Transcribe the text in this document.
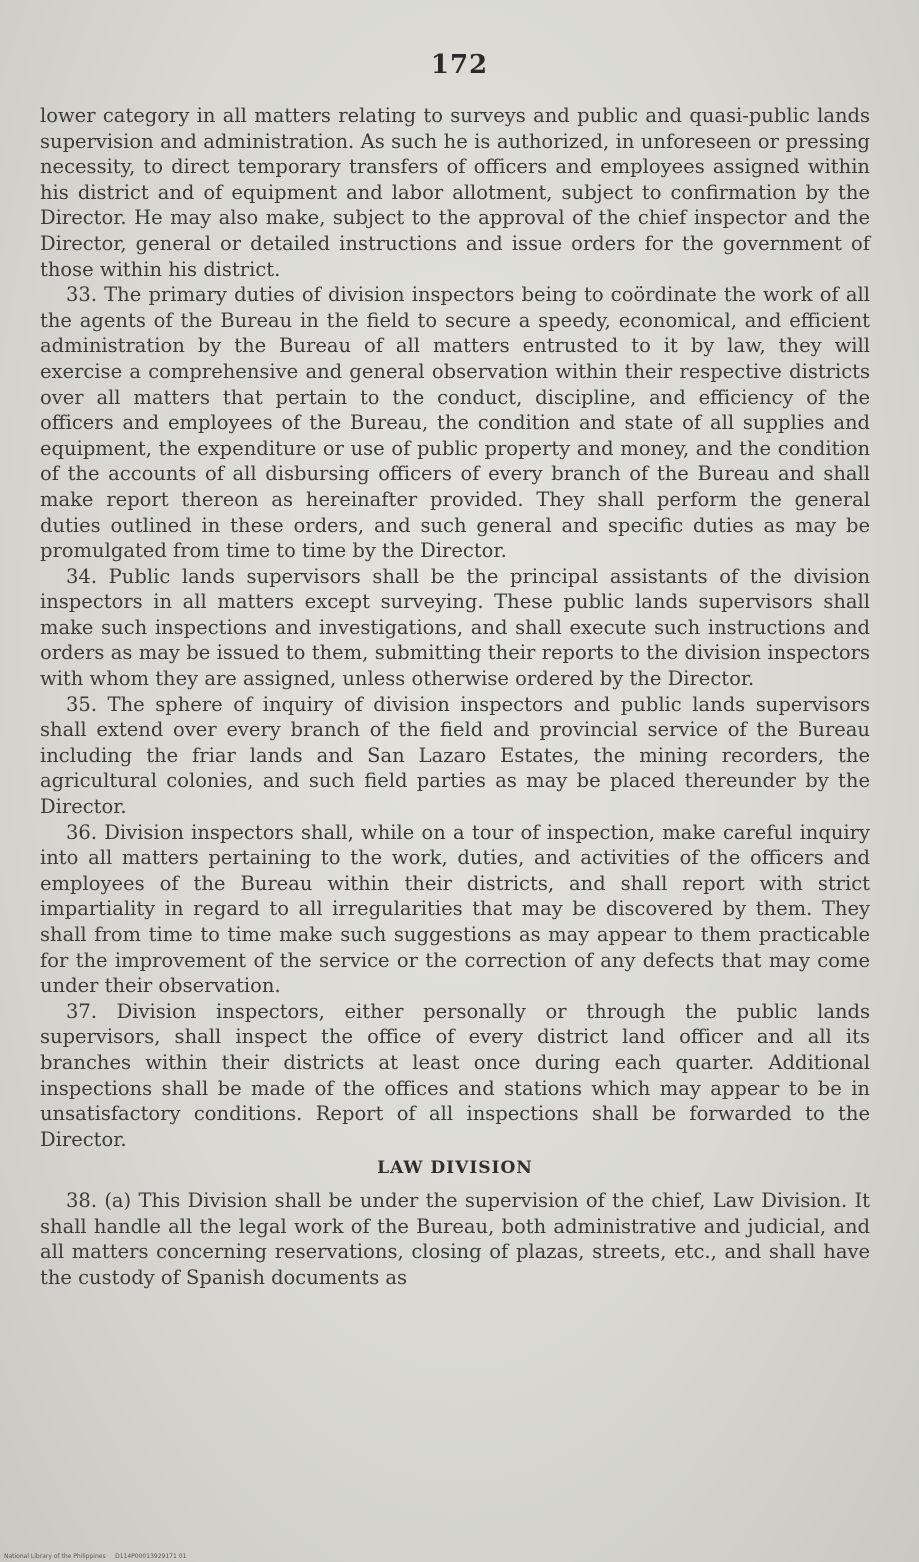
172

lower category in all matters relating to surveys and public and quasi-public lands supervision and administration. As such he is authorized, in unforeseen or pressing necessity, to direct temporary transfers of officers and employees assigned within his district and of equipment and labor allotment, subject to confirmation by the Director. He may also make, subject to the approval of the chief inspector and the Director, general or detailed instructions and issue orders for the government of those within his district.

33. The primary duties of division inspectors being to coördinate the work of all the agents of the Bureau in the field to secure a speedy, economical, and efficient administration by the Bureau of all matters entrusted to it by law, they will exercise a comprehensive and general observation within their respective districts over all matters that pertain to the conduct, discipline, and efficiency of the officers and employees of the Bureau, the condition and state of all supplies and equipment, the expenditure or use of public property and money, and the condition of the accounts of all disbursing officers of every branch of the Bureau and shall make report thereon as hereinafter provided. They shall perform the general duties outlined in these orders, and such general and specific duties as may be promulgated from time to time by the Director.

34. Public lands supervisors shall be the principal assistants of the division inspectors in all matters except surveying. These public lands supervisors shall make such inspections and investigations, and shall execute such instructions and orders as may be issued to them, submitting their reports to the division inspectors with whom they are assigned, unless otherwise ordered by the Director.

35. The sphere of inquiry of division inspectors and public lands supervisors shall extend over every branch of the field and provincial service of the Bureau including the friar lands and San Lazaro Estates, the mining recorders, the agricultural colonies, and such field parties as may be placed thereunder by the Director.

36. Division inspectors shall, while on a tour of inspection, make careful inquiry into all matters pertaining to the work, duties, and activities of the officers and employees of the Bureau within their districts, and shall report with strict impartiality in regard to all irregularities that may be discovered by them. They shall from time to time make such suggestions as may appear to them practicable for the improvement of the service or the correction of any defects that may come under their observation.

37. Division inspectors, either personally or through the public lands supervisors, shall inspect the office of every district land officer and all its branches within their districts at least once during each quarter. Additional inspections shall be made of the offices and stations which may appear to be in unsatisfactory conditions. Report of all inspections shall be forwarded to the Director.

LAW DIVISION

38. (a) This Division shall be under the supervision of the chief, Law Division. It shall handle all the legal work of the Bureau, both administrative and judicial, and all matters concerning reservations, closing of plazas, streets, etc., and shall have the custody of Spanish documents as

National Library of the Philippines     D114P00013929171 01
